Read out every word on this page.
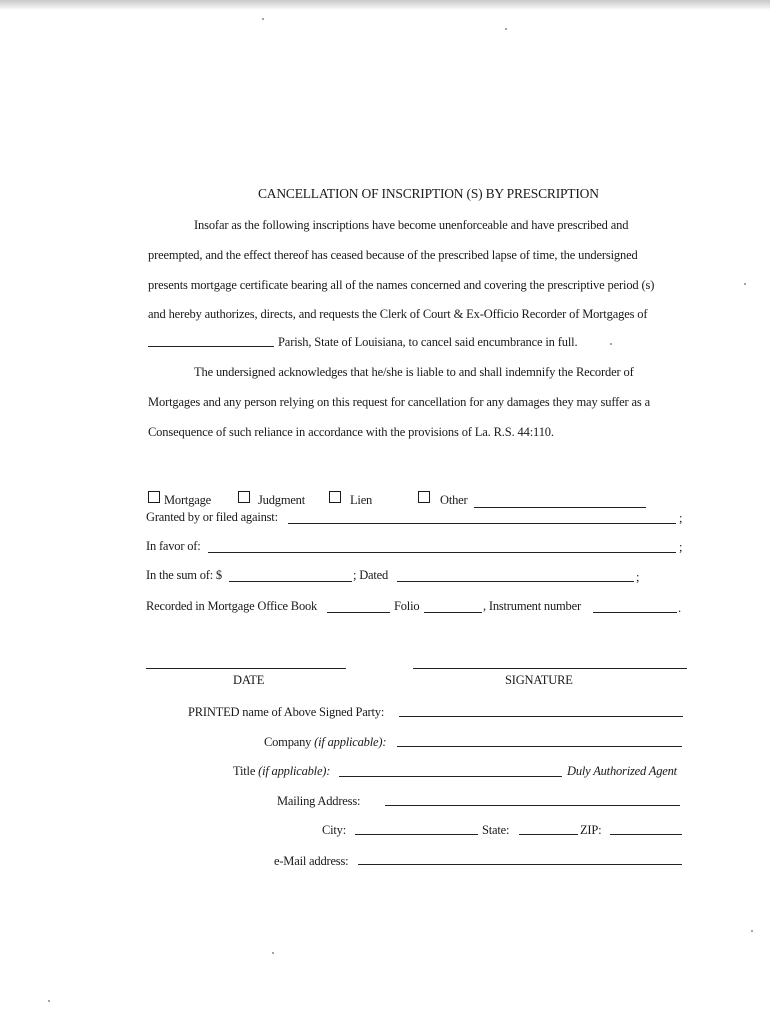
CANCELLATION OF INSCRIPTION (S) BY PRESCRIPTION
Insofar as the following inscriptions have become unenforceable and have prescribed and
preempted, and the effect thereof has ceased because of the prescribed lapse of time, the undersigned
presents mortgage certificate bearing all of the names concerned and covering the prescriptive period (s)
and hereby authorizes, directs, and requests the Clerk of Court & Ex-Officio Recorder of Mortgages of
Parish, State of Louisiana, to cancel said encumbrance in full.
The undersigned acknowledges that he/she is liable to and shall indemnify the Recorder of
Mortgages and any person relying on this request for cancellation for any damages they may suffer as a
Consequence of such reliance in accordance with the provisions of La. R.S. 44:110.
Mortgage	Judgment	Lien	Other
Granted by or filed against:	;
In favor of:	;
In the sum of: $	; Dated	;
Recorded in Mortgage Office Book	Folio	, Instrument number	.
DATE	SIGNATURE
PRINTED name of Above Signed Party:
Company (if applicable):
Title (if applicable):	Duly Authorized Agent
Mailing Address:
City:	State:	ZIP:
e-Mail address:
